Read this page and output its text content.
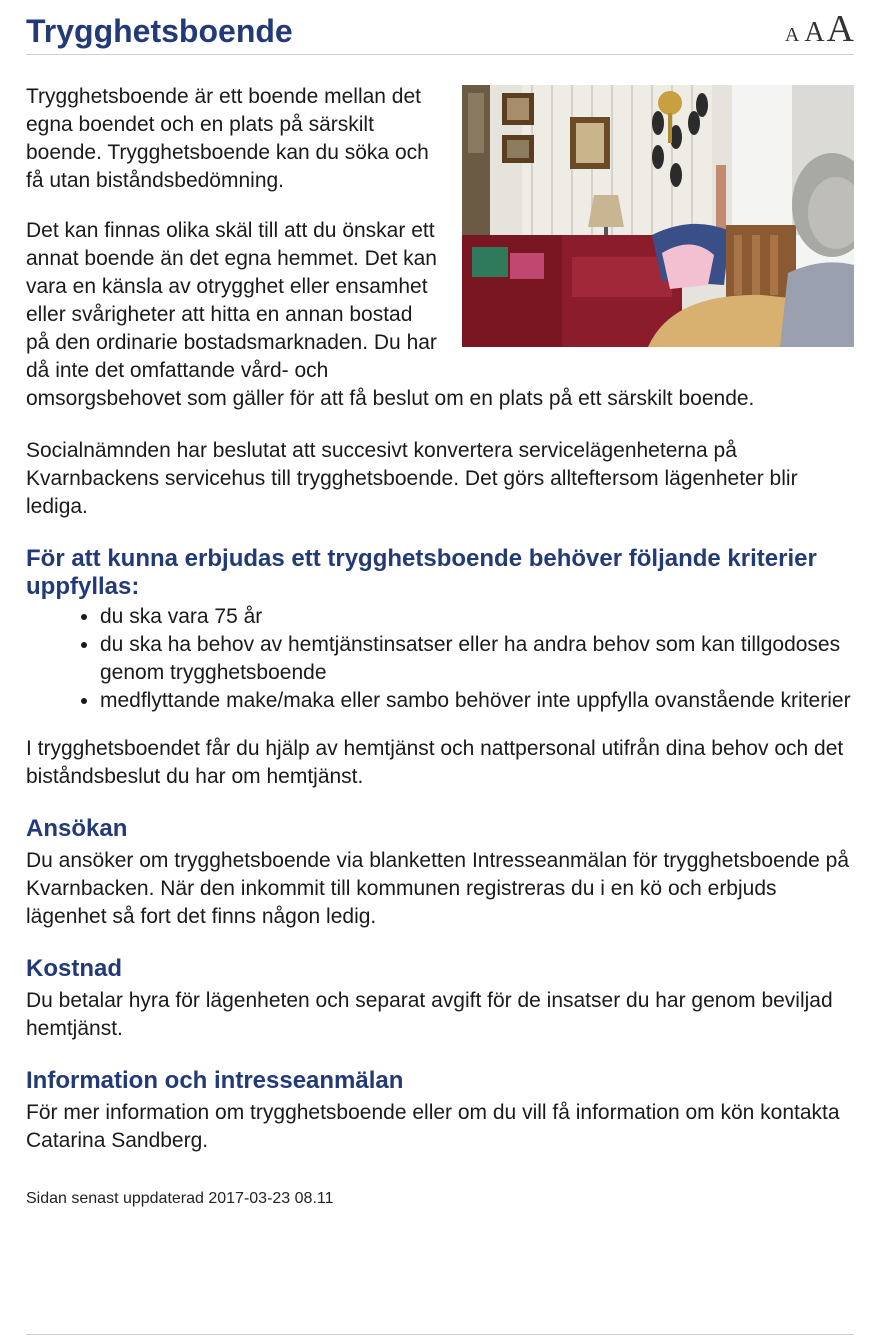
Trygghetsboende	A AA

Trygghetsboende är ett boende mellan det egna boendet och en plats på särskilt boende. Trygghetsboende kan du söka och få utan biståndsbedömning.

Det kan finnas olika skäl till att du önskar ett annat boende än det egna hemmet. Det kan vara en känsla av otrygghet eller ensamhet eller svårigheter att hitta en annan bostad på den ordinarie bostadsmarknaden. Du har då inte det omfattande vård- och omsorgsbehovet som gäller för att få beslut om en plats på ett särskilt boende.

Socialnämnden har beslutat att succesivt konvertera servicelägenheterna på Kvarnbackens servicehus till trygghetsboende. Det görs allteftersom lägenheter blir lediga.

För att kunna erbjudas ett trygghetsboende behöver följande kriterier uppfyllas:
• du ska vara 75 år
• du ska ha behov av hemtjänstinsatser eller ha andra behov som kan tillgodoses genom trygghetsboende
• medflyttande make/maka eller sambo behöver inte uppfylla ovanstående kriterier

I trygghetsboendet får du hjälp av hemtjänst och nattpersonal utifrån dina behov och det biståndsbeslut du har om hemtjänst.

Ansökan

Du ansöker om trygghetsboende via blanketten Intresseanmälan för trygghetsboende på Kvarnbacken. När den inkommit till kommunen registreras du i en kö och erbjuds lägenhet så fort det finns någon ledig.

Kostnad

Du betalar hyra för lägenheten och separat avgift för de insatser du har genom beviljad hemtjänst.

Information och intresseanmälan

För mer information om trygghetsboende eller om du vill få information om kön kontakta Catarina Sandberg.

Sidan senast uppdaterad 2017-03-23 08.11
